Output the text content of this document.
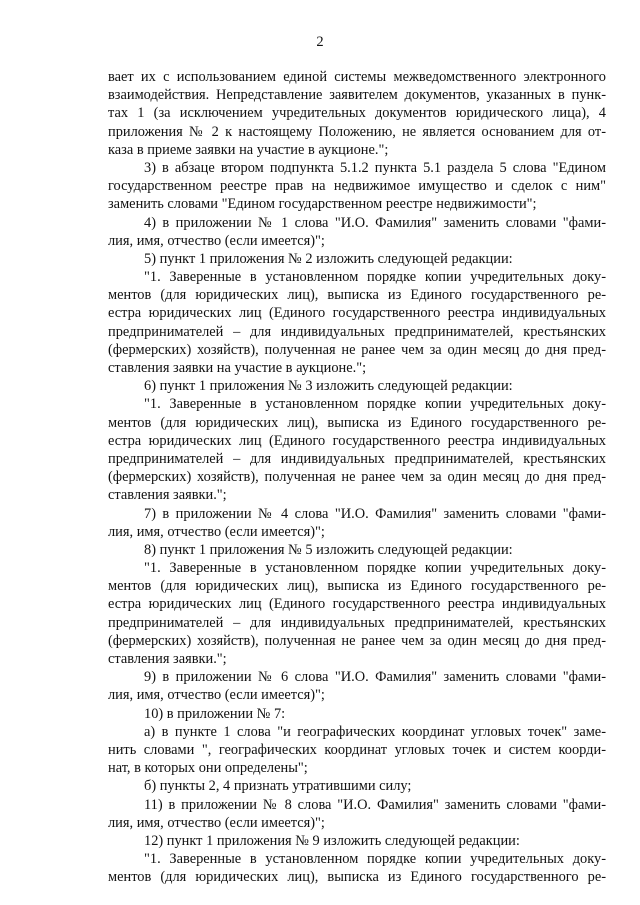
2
вает их с использованием единой системы межведомственного электронного
взаимодействия. Непредставление заявителем документов, указанных в пунк-
тах 1 (за исключением учредительных документов юридического лица), 4
приложения № 2 к настоящему Положению, не является основанием для от-
каза в приеме заявки на участие в аукционе.";
3) в абзаце втором подпункта 5.1.2 пункта 5.1 раздела 5 слова "Едином
государственном реестре прав на недвижимое имущество и сделок с ним"
заменить словами "Едином государственном реестре недвижимости";
4) в приложении № 1 слова "И.О. Фамилия" заменить словами "фами-
лия, имя, отчество (если имеется)";
5) пункт 1 приложения № 2 изложить следующей редакции:
"1. Заверенные в установленном порядке копии учредительных доку-
ментов (для юридических лиц), выписка из Единого государственного ре-
естра юридических лиц (Единого государственного реестра индивидуальных
предпринимателей – для индивидуальных предпринимателей, крестьянских
(фермерских) хозяйств), полученная не ранее чем за один месяц до дня пред-
ставления заявки на участие в аукционе.";
6) пункт 1 приложения № 3 изложить следующей редакции:
"1. Заверенные в установленном порядке копии учредительных доку-
ментов (для юридических лиц), выписка из Единого государственного ре-
естра юридических лиц (Единого государственного реестра индивидуальных
предпринимателей – для индивидуальных предпринимателей, крестьянских
(фермерских) хозяйств), полученная не ранее чем за один месяц до дня пред-
ставления заявки.";
7) в приложении № 4 слова "И.О. Фамилия" заменить словами "фами-
лия, имя, отчество (если имеется)";
8) пункт 1 приложения № 5 изложить следующей редакции:
"1. Заверенные в установленном порядке копии учредительных доку-
ментов (для юридических лиц), выписка из Единого государственного ре-
естра юридических лиц (Единого государственного реестра индивидуальных
предпринимателей – для индивидуальных предпринимателей, крестьянских
(фермерских) хозяйств), полученная не ранее чем за один месяц до дня пред-
ставления заявки.";
9) в приложении № 6 слова "И.О. Фамилия" заменить словами "фами-
лия, имя, отчество (если имеется)";
10) в приложении № 7:
а) в пункте 1 слова "и географических координат угловых точек" заме-
нить словами ", географических координат угловых точек и систем коорди-
нат, в которых они определены";
б) пункты 2, 4 признать утратившими силу;
11) в приложении № 8 слова "И.О. Фамилия" заменить словами "фами-
лия, имя, отчество (если имеется)";
12) пункт 1 приложения № 9 изложить следующей редакции:
"1. Заверенные в установленном порядке копии учредительных доку-
ментов (для юридических лиц), выписка из Единого государственного ре-
